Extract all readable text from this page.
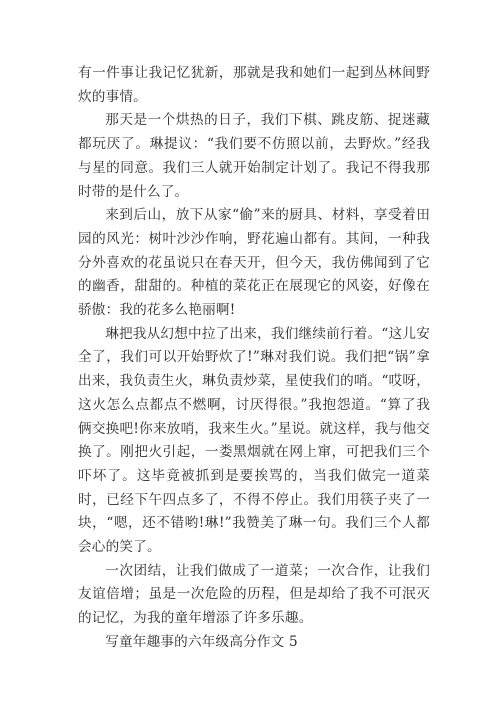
有一件事让我记忆犹新，那就是我和她们一起到丛林间野炊的事情。

那天是一个烘热的日子，我们下棋、跳皮筋、捉迷藏都玩厌了。琳提议：“我们要不仿照以前，去野炊。”经我与星的同意。我们三人就开始制定计划了。我记不得我那时带的是什么了。

来到后山，放下从家“偷”来的厨具、材料，享受着田园的风光：树叶沙沙作响，野花遍山都有。其间，一种我分外喜欢的花虽说只在春天开，但今天，我仿佛闻到了它的幽香，甜甜的。种植的菜花正在展现它的风姿，好像在骄傲：我的花多么艳丽啊!

琳把我从幻想中拉了出来，我们继续前行着。“这儿安全了，我们可以开始野炊了!”琳对我们说。我们把“锅”拿出来，我负责生火，琳负责炒菜，星使我们的哨。“哎呀，这火怎么点都点不燃啊，讨厌得很。”我抱怨道。“算了我俩交换吧!你来放哨，我来生火。”星说。就这样，我与他交换了。刚把火引起，一娄黑烟就在网上窜，可把我们三个吓坏了。这毕竟被抓到是要挨骂的，当我们做完一道菜时，已经下午四点多了，不得不停止。我们用筷子夹了一块，“嗯，还不错哟!琳!”我赞美了琳一句。我们三个人都会心的笑了。

一次团结，让我们做成了一道菜；一次合作，让我们友谊倍增；虽是一次危险的历程，但是却给了我不可泯灭的记忆，为我的童年增添了许多乐趣。

写童年趣事的六年级高分作文 5
